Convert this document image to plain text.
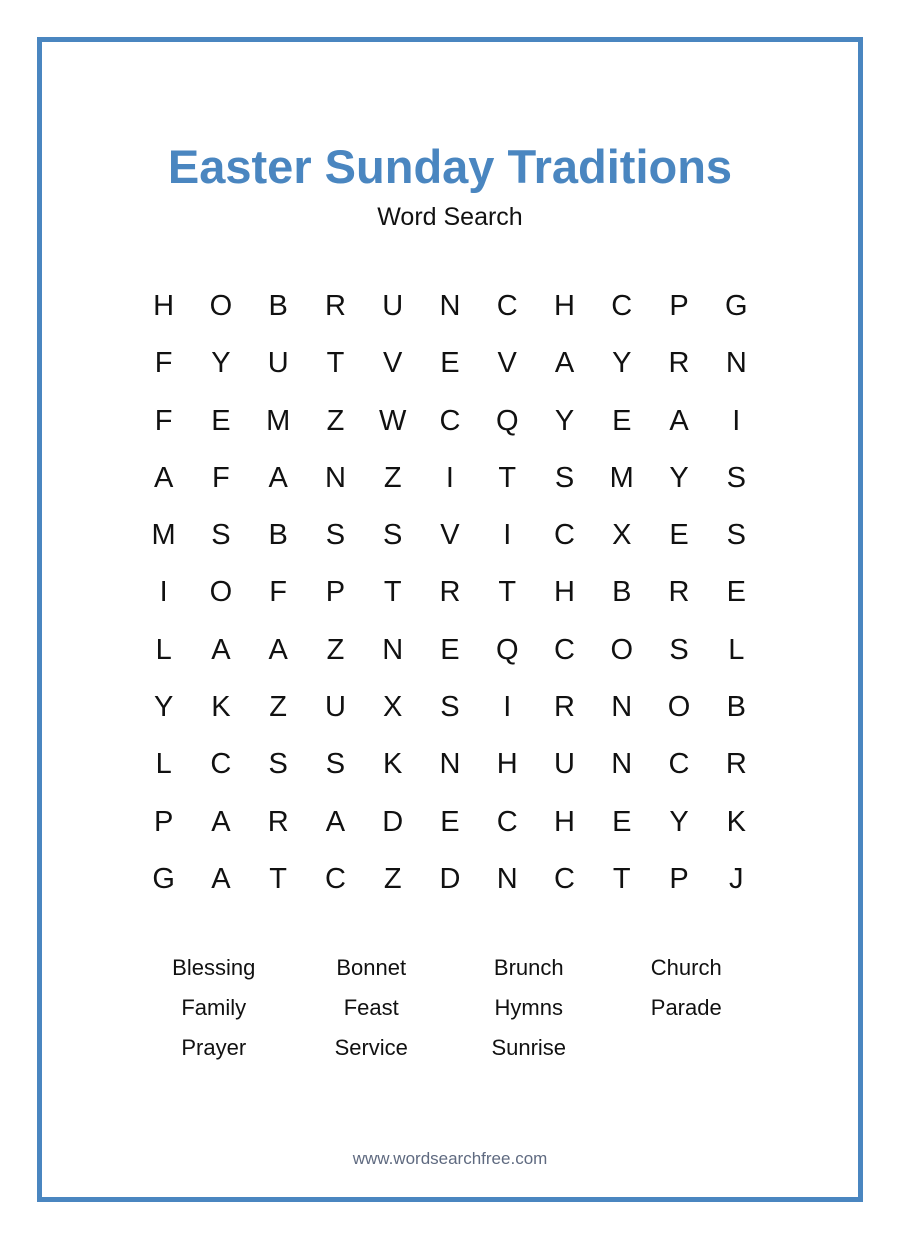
Easter Sunday Traditions
Word Search
H	O	B	R	U	N	C	H	C	P	G
F	Y	U	T	V	E	V	A	Y	R	N
F	E	M	Z	W	C	Q	Y	E	A	I
A	F	A	N	Z	I	T	S	M	Y	S
M	S	B	S	S	V	I	C	X	E	S
I	O	F	P	T	R	T	H	B	R	E
L	A	A	Z	N	E	Q	C	O	S	L
Y	K	Z	U	X	S	I	R	N	O	B
L	C	S	S	K	N	H	U	N	C	R
P	A	R	A	D	E	C	H	E	Y	K
G	A	T	C	Z	D	N	C	T	P	J
Blessing	Bonnet	Brunch	Church
Family	Feast	Hymns	Parade
Prayer	Service	Sunrise
www.wordsearchfree.com
